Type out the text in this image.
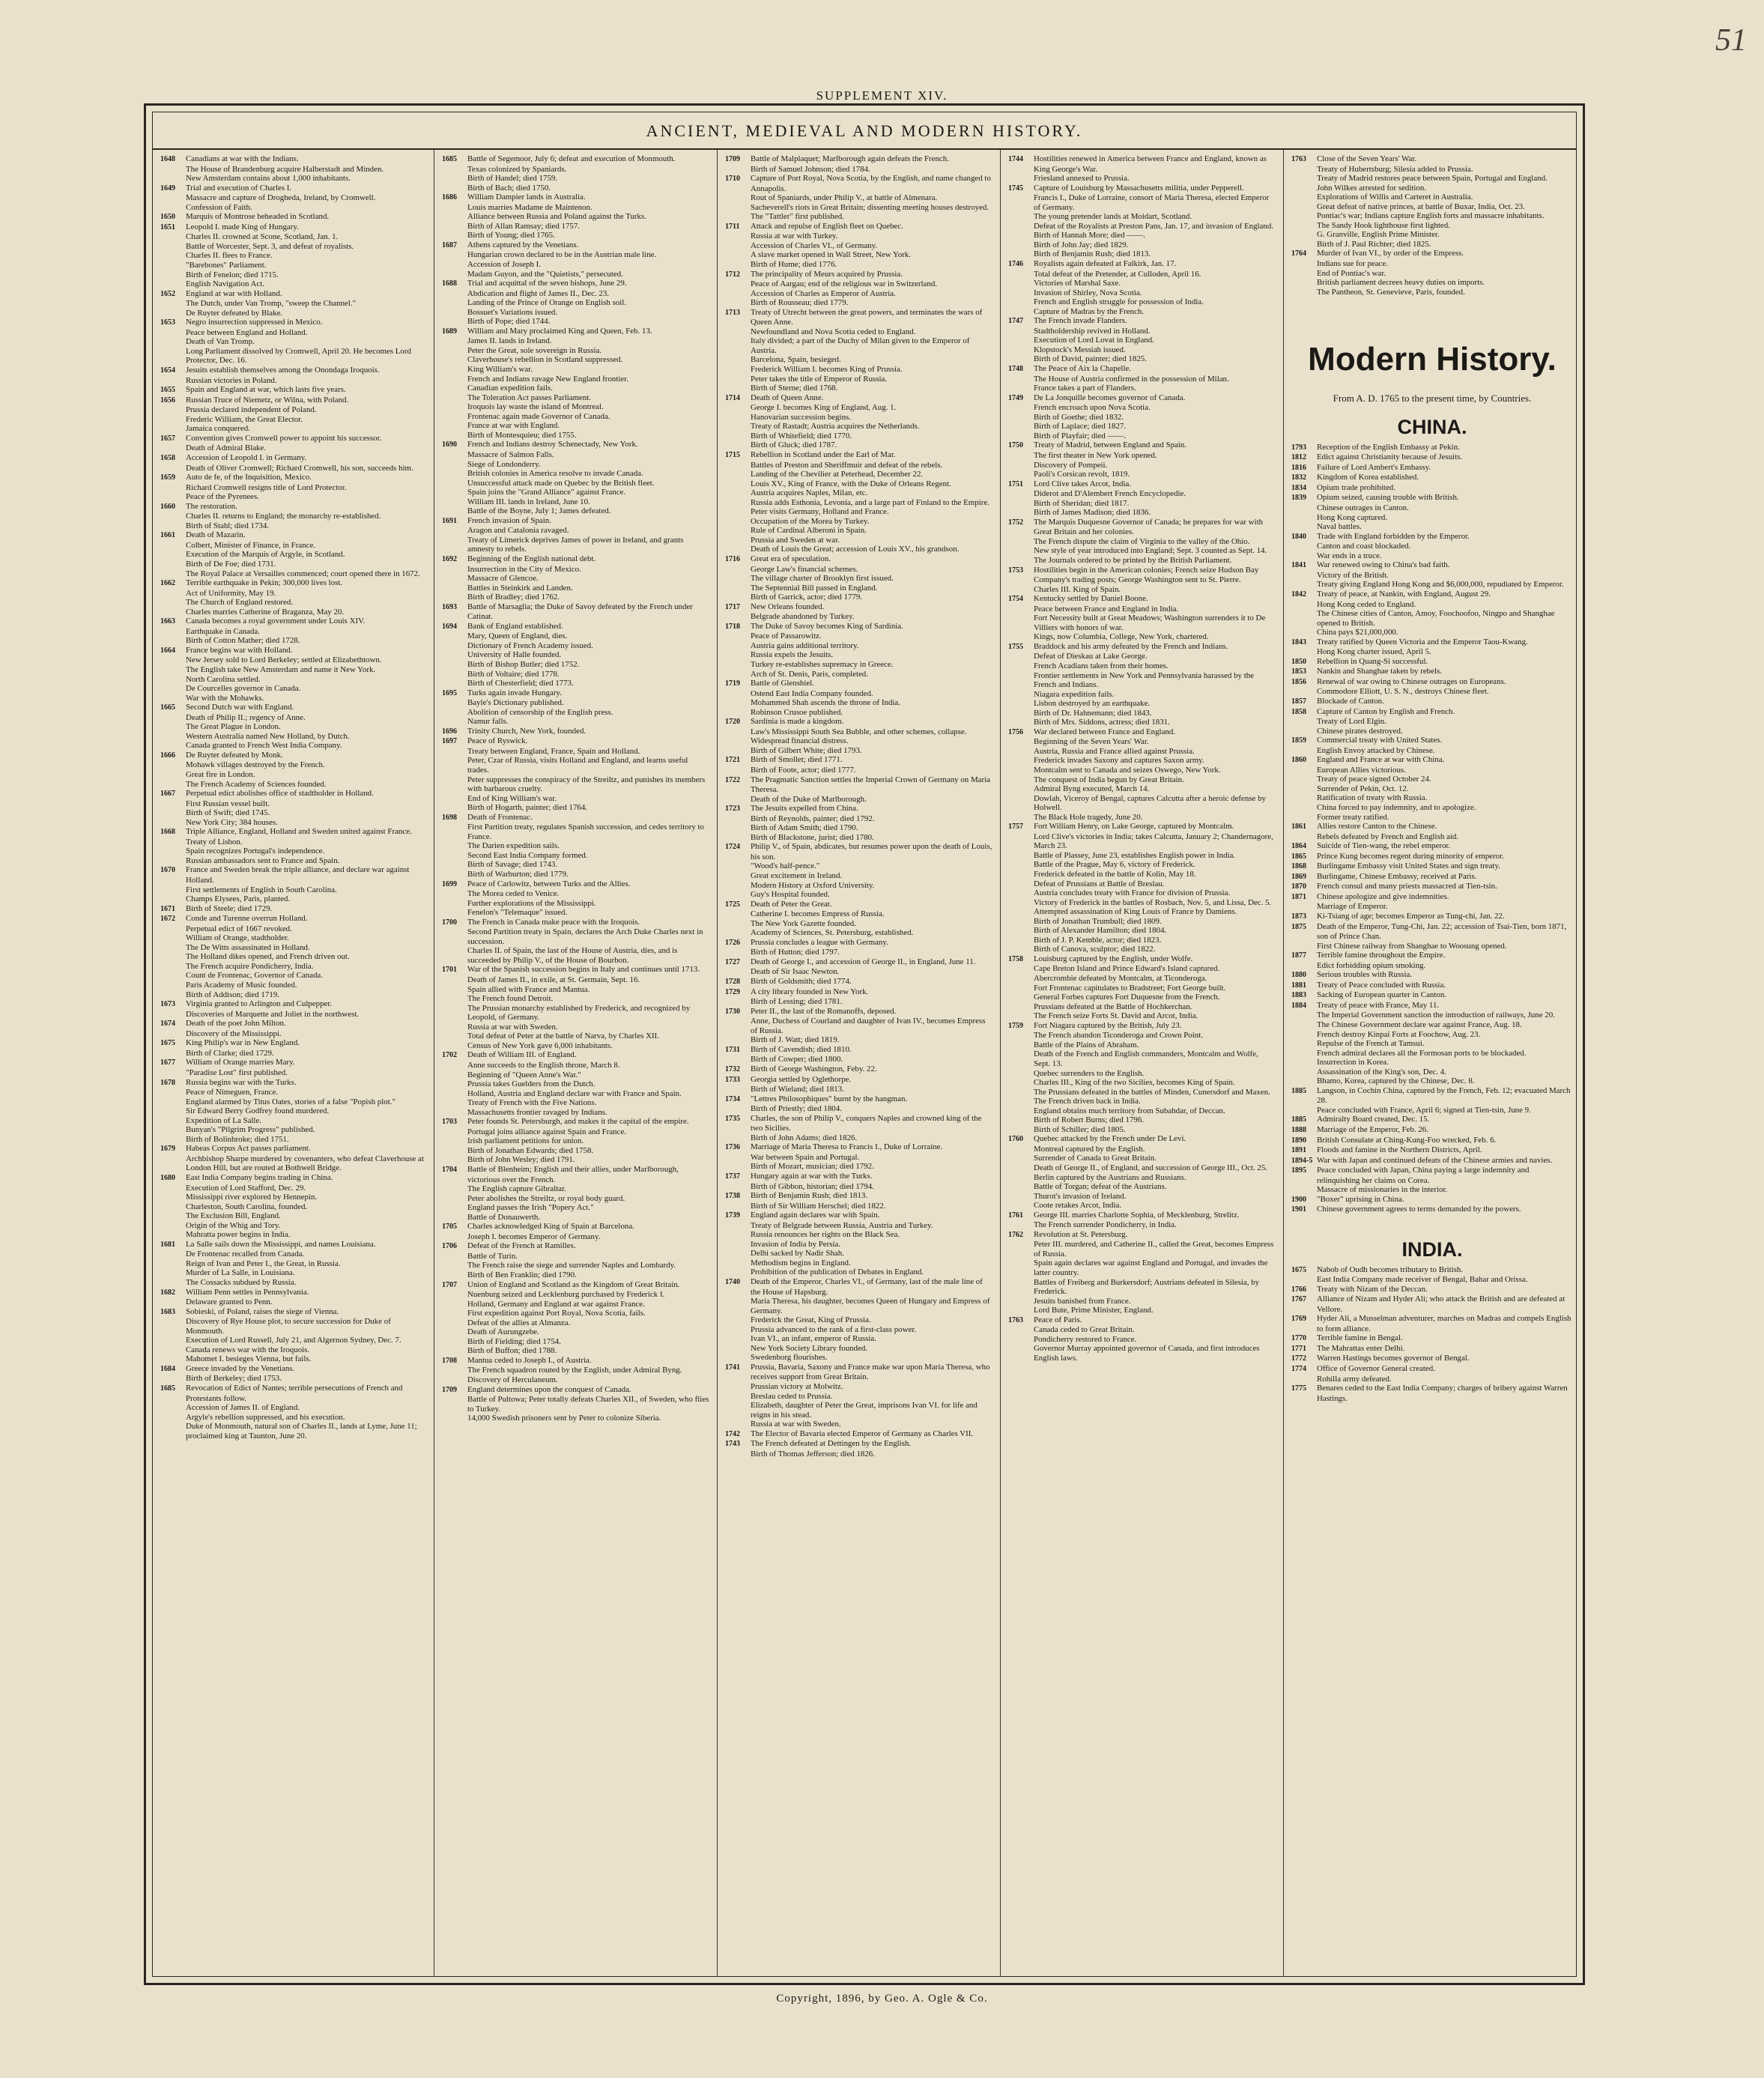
51
SUPPLEMENT XIV.
ANCIENT, MEDIEVAL AND MODERN HISTORY.

1648 Canadians at war with the Indians.

The House of Brandenburg acquire Halberstadt and Minden.

New Amsterdam contains about 1,000 inhabitants.

1649 Trial and execution of Charles I.

Massacre and capture of Drogheda, Ireland, by Cromwell.

Confession of Faith.

1650 Marquis of Montrose beheaded in Scotland.

1651 Leopold I. made King of Hungary.

Charles II. crowned at Scone, Scotland, Jan. 1.

Battle of Worcester, Sept. 3, and defeat of royalists.

Charles II. flees to France.

"Barebones" Parliament.

Birth of Fenelon; died 1715.

English Navigation Act.

1652 England at war with Holland.

The Dutch, under Van Tromp, "sweep the Channel."

De Ruyter defeated by Blake.

1653 Negro insurrection suppressed in Mexico.

Peace between England and Holland.

Death of Van Tromp.

Long Parliament dissolved by Cromwell, April 20. He becomes Lord Protector, Dec. 16.

1654 Jesuits establish themselves among the Onondaga Iroquois.

Russian victories in Poland.

1655 Spain and England at war, which lasts five years.

1656 Russian Truce of Niemetz, or Wilna, with Poland.

Prussia declared independent of Poland.

Frederic William, the Great Elector.

Jamaica conquered.

1657 Convention gives Cromwell power to appoint his successor.

Death of Admiral Blake.

1658 Accession of Leopold I. in Germany.

Death of Oliver Cromwell; Richard Cromwell, his son, succeeds him.

1659 Auto de fe, of the Inquisition, Mexico.

Richard Cromwell resigns title of Lord Protector.

Peace of the Pyrenees.

1660 The restoration.

Charles II. returns to England; the monarchy re-established.

Birth of Stahl; died 1734.

1661 Death of Mazarin.

Colbert, Minister of Finance, in France.

Execution of the Marquis of Argyle, in Scotland.

Birth of De Foe; died 1731.

The Royal Palace at Versailles commenced; court opened there in 1672.

1662 Terrible earthquake in Pekin; 300,000 lives lost.

Act of Uniformity, May 19.

The Church of England restored.

Charles marries Catherine of Braganza, May 20.

1663 Canada becomes a royal government under Louis XIV.

Earthquake in Canada.

Birth of Cotton Mather; died 1728.

1664 France begins war with Holland.

New Jersey sold to Lord Berkeley; settled at Elizabethtown.

The English take New Amsterdam and name it New York.

North Carolina settled.

De Courcelles governor in Canada.

War with the Mohawks.

1665 Second Dutch war with England.

Death of Philip II.; regency of Anne.

The Great Plague in London.

Western Australia named New Holland, by Dutch.

Canada granted to French West India Company.

1666 De Ruyter defeated by Monk.

Mohawk villages destroyed by the French.

Great fire in London.

The French Academy of Sciences founded.

1667 Perpetual edict abolishes office of stadtholder in Holland.

First Russian vessel built.

Birth of Swift; died 1745.

New York City; 384 houses.

1668 Triple Alliance, England, Holland and Sweden united against France.

Treaty of Lisbon.

Spain recognizes Portugal's independence.

Russian ambassadors sent to France and Spain.

1670 France and Sweden break the triple alliance, and declare war against Holland.

First settlements of English in South Carolina.

Champs Elysees, Paris, planted.

1671 Birth of Steele; died 1729.

1672 Conde and Turenne overrun Holland.

Perpetual edict of 1667 revoked.

William of Orange, stadtholder.

The De Witts assassinated in Holland.

The Holland dikes opened, and French driven out.

The French acquire Pondicherry, India.

Count de Frontenac, Governor of Canada.

Paris Academy of Music founded.

Birth of Addison; died 1719.

1673 Virginia granted to Arlington and Culpepper.

Discoveries of Marquette and Joliet in the northwest.

1674 Death of the poet John Milton.

Discovery of the Mississippi.

1675 King Philip's war in New England.

Birth of Clarke; died 1729.

1677 William of Orange marries Mary.

"Paradise Lost" first published.

1678 Russia begins war with the Turks.

Peace of Nimeguen, France.

England alarmed by Titus Oates, stories of a false "Popish plot."

Sir Edward Berry Godfrey found murdered.

Expedition of La Salle.

Bunyan's "Pilgrim Progress" published.

Birth of Bolinbroke; died 1751.

1679 Habeas Corpus Act passes parliament.

Archbishop Sharpe murdered by covenanters, who defeat Claverhouse at London Hill, but are routed at Bothwell Bridge.

1680 East India Company begins trading in China.

Execution of Lord Stafford, Dec. 29.

Mississippi river explored by Hennepin.

Charleston, South Carolina, founded.

The Exclusion Bill, England.

Origin of the Whig and Tory.

Mahratta power begins in India.

1681 La Salle sails down the Mississippi, and names Louisiana.

De Frontenac recalled from Canada.

Reign of Ivan and Peter I., the Great, in Russia.

Murder of La Salle, in Louisiana.

The Cossacks subdued by Russia.

1682 William Penn settles in Pennsylvania.

Delaware granted to Penn.

1683 Sobieski, of Poland, raises the siege of Vienna.

Discovery of Rye House plot, to secure succession for Duke of Monmouth.

Execution of Lord Russell, July 21, and Algernon Sydney, Dec. 7.

Canada renews war with the Iroquois.

Mahomet I. besieges Vienna, but fails.

1684 Greece invaded by the Venetians.

Birth of Berkeley; died 1753.

1685 Revocation of Edict of Nantes; terrible persecutions of French and Protestants follow.

Accession of James II. of England.

Argyle's rebellion suppressed, and his execution.

Duke of Monmouth, natural son of Charles II., lands at Lyme, June 11; proclaimed king at Taunton, June 20.

1685 Battle of Segemoor, July 6; defeat and execution of Monmouth.

Texas colonized by Spaniards.

Birth of Handel; died 1759.

Birth of Bach; died 1750.

1686 William Dampier lands in Australia.

Louis marries Madame de Maintenon.

Alliance between Russia and Poland against the Turks.

Birth of Allan Ramsay; died 1757.

Birth of Young; died 1765.

1687 Athens captured by the Venetians.

Hungarian crown declared to be in the Austrian male line.

Accession of Joseph I.

Madam Guyon, and the "Quietists," persecuted.

1688 Trial and acquittal of the seven bishops, June 29.

Abdication and flight of James II., Dec. 23.

Landing of the Prince of Orange on English soil.

Bossuet's Variations issued.

Birth of Pope; died 1744.

1689 William and Mary proclaimed King and Queen, Feb. 13.

James II. lands in Ireland.

Peter the Great, sole sovereign in Russia.

Claverhouse's rebellion in Scotland suppressed.

King William's war.

French and Indians ravage New England frontier.

Canadian expedition fails.

The Toleration Act passes Parliament.

Iroquois lay waste the island of Montreal.

Frontenac again made Governor of Canada.

France at war with England.

Birth of Montesquieu; died 1755.

1690 French and Indians destroy Schenectady, New York.

Massacre of Salmon Falls.

Siege of Londonderry.

British colonies in America resolve to invade Canada.

Unsuccessful attack made on Quebec by the British fleet.

Spain joins the "Grand Alliance" against France.

William III. lands in Ireland, June 10.

Battle of the Boyne, July 1; James defeated.

1691 French invasion of Spain.

Aragon and Catalonia ravaged.

Treaty of Limerick deprives James of power in Ireland, and grants amnesty to rebels.

1692 Beginning of the English national debt.

Insurrection in the City of Mexico.

Massacre of Glencoe.

Battles in Steinkirk and Landen.

Birth of Bradley; died 1762.

1693 Battle of Marsaglia; the Duke of Savoy defeated by the French under Catinat.

1694 Bank of England established.

Mary, Queen of England, dies.

Dictionary of French Academy issued.

University of Halle founded.

Birth of Bishop Butler; died 1752.

Birth of Voltaire; died 1778.

Birth of Chesterfield; died 1773.

1695 Turks again invade Hungary.

Bayle's Dictionary published.

Abolition of censorship of the English press.

Namur falls.

1696 Trinity Church, New York, founded.

1697 Peace of Ryswick.

Treaty between England, France, Spain and Holland.

Peter, Czar of Russia, visits Holland and England, and learns useful trades.

Peter suppresses the conspiracy of the Streiltz, and punishes its members with barbarous cruelty.

End of King William's war.

Birth of Hogarth, painter; died 1764.

1698 Death of Frontenac.

First Partition treaty, regulates Spanish succession, and cedes territory to France.

The Darien expedition sails.

Second East India Company formed.

Birth of Savage; died 1743.

Birth of Warburton; died 1779.

1699 Peace of Carlowitz, between Turks and the Allies.

The Morea ceded to Venice.

Further explorations of the Mississippi.

Fenelon's "Telemaque" issued.

1700 The French in Canada make peace with the Iroquois.

Second Partition treaty in Spain, declares the Arch Duke Charles next in succession.

Charles II. of Spain, the last of the House of Austria, dies, and is succeeded by Philip V., of the House of Bourbon.

1701 War of the Spanish succession begins in Italy and continues until 1713.

Death of James II., in exile, at St. Germain, Sept. 16.

Spain allied with France and Mantua.

The French found Detroit.

The Prussian monarchy established by Frederick, and recognized by Leopold, of Germany.

Russia at war with Sweden.

Total defeat of Peter at the battle of Narva, by Charles XII.

Census of New York gave 6,000 inhabitants.

1702 Death of William III. of England.

Anne succeeds to the English throne, March 8.

Beginning of "Queen Anne's War."

Prussia takes Guelders from the Dutch.

Holland, Austria and England declare war with France and Spain.

Treaty of French with the Five Nations.

Massachusetts frontier ravaged by Indians.

1703 Peter founds St. Petersburgh, and makes it the capital of the empire.

Portugal joins alliance against Spain and France.

Irish parliament petitions for union.

Birth of Jonathan Edwards; died 1758.

Birth of John Wesley; died 1791.

1704 Battle of Blenheim; English and their allies, under Marlborough, victorious over the French.

The English capture Gibraltar.

Peter abolishes the Streiltz, or royal body guard.

England passes the Irish "Popery Act."

Battle of Donauwerth.

1705 Charles acknowledged King of Spain at Barcelona.

Joseph I. becomes Emperor of Germany.

1706 Defeat of the French at Ramilles.

Battle of Turin.

The French raise the siege and surrender Naples and Lombardy.

Birth of Ben Franklin; died 1790.

1707 Union of England and Scotland as the Kingdom of Great Britain.

Nuenburg seized and Lecklenburg purchased by Frederick I.

Holland, Germany and England at war against France.

First expedition against Port Royal, Nova Scotia, fails.

Defeat of the allies at Almanza.

Death of Aurungzebe.

Birth of Fielding; died 1754.

Birth of Buffon; died 1788.

1708 Mantua ceded to Joseph I., of Austria.

The French squadron routed by the English, under Admiral Byng.

Discovery of Herculaneum.

1709 England determines upon the conquest of Canada.

Battle of Pultowa; Peter totally defeats Charles XII., of Sweden, who flies to Turkey.

14,000 Swedish prisoners sent by Peter to colonize Siberia.

1709 Battle of Malplaquet; Marlborough again defeats the French.

Birth of Samuel Johnson; died 1784.

1710 Capture of Port Royal, Nova Scotia, by the English, and name changed to Annapolis.

Rout of Spaniards, under Philip V., at battle of Almenara.

Sacheverell's riots in Great Britain; dissenting meeting houses destroyed.

The "Tattler" first published.

1711 Attack and repulse of English fleet on Quebec.

Russia at war with Turkey.

Accession of Charles VI., of Germany.

A slave market opened in Wall Street, New York.

Birth of Hume; died 1776.

1712 The principality of Meurs acquired by Prussia.

Peace of Aargau; end of the religious war in Switzerland.

Accession of Charles as Emperor of Austria.

Birth of Rousseau; died 1779.

1713 Treaty of Utrecht between the great powers, and terminates the wars of Queen Anne.

Newfoundland and Nova Scotia ceded to England.

Italy divided; a part of the Duchy of Milan given to the Emperor of Austria.

Barcelona, Spain, besieged.

Frederick William I. becomes King of Prussia.

Peter takes the title of Emperor of Russia.

Birth of Sterne; died 1768.

1714 Death of Queen Anne.

George I. becomes King of England, Aug. 1.

Hanovarian succession begins.

Treaty of Rastadt; Austria acquires the Netherlands.

Birth of Whitefield; died 1770.

Birth of Gluck; died 1787.

1715 Rebellion in Scotland under the Earl of Mar.

Battles of Preston and Sheriffmuir and defeat of the rebels.

Landing of the Chevilier at Peterhead, December 22.

Louis XV., King of France, with the Duke of Orleans Regent.

Austria acquires Naples, Milan, etc.

Russia adds Esthonia, Levonia, and a large part of Finland to the Empire.

Peter visits Germany, Holland and France.

Occupation of the Morea by Turkey.

Rule of Cardinal Alberoni in Spain.

Prussia and Sweden at war.

Death of Louis the Great; accession of Louis XV., his grandson.

1716 Great era of speculation.

George Law's financial schemes.

The village charter of Brooklyn first issued.

The Septennial Bill passed in England.

Birth of Garrick, actor; died 1779.

1717 New Orleans founded.

Belgrade abandoned by Turkey.

1718 The Duke of Savoy becomes King of Sardinia.

Peace of Passarowitz.

Austria gains additional territory.

Russia expels the Jesuits.

Turkey re-establishes supremacy in Greece.

Arch of St. Denis, Paris, completed.

1719 Battle of Glenshiel.

Ostend East India Company founded.

Mohammed Shah ascends the throne of India.

Robinson Crusoe published.

1720 Sardinia is made a kingdom.

Law's Mississippi South Sea Bubble, and other schemes, collapse.

Widespread financial distress.

Birth of Gilbert White; died 1793.

1721 Birth of Smollet; died 1771.

Birth of Foote, actor; died 1777.

1722 The Pragmatic Sanction settles the Imperial Crown of Germany on Maria Theresa.

Death of the Duke of Marlborough.

1723 The Jesuits expelled from China.

Birth of Reynolds, painter; died 1792.

Birth of Adam Smith; died 1790.

Birth of Blackstone, jurist; died 1780.

1724 Philip V., of Spain, abdicates, but resumes power upon the death of Louis, his son.

"Wood's half-pence."

Great excitement in Ireland.

Modern History at Oxford University.

Guy's Hospital founded.

1725 Death of Peter the Great.

Catherine I. becomes Empress of Russia.

The New York Gazette founded.

Academy of Sciences, St. Petersburg, established.

1726 Prussia concludes a league with Germany.

Birth of Hutton; died 1797.

1727 Death of George I., and accession of George II., in England, June 11.

Death of Sir Isaac Newton.

1728 Birth of Goldsmith; died 1774.

1729 A city library founded in New York.

Birth of Lessing; died 1781.

1730 Peter II., the last of the Romanoffs, deposed.

Anne, Duchess of Courland and daughter of Ivan IV., becomes Empress of Russia.

Birth of J. Watt; died 1819.

1731 Birth of Cavendish; died 1810.

Birth of Cowper; died 1800.

1732 Birth of George Washington, Feby. 22.

1733 Georgia settled by Oglethorpe.

Birth of Wieland; died 1813.

1734 "Lettres Philosophiques" burnt by the hangman.

Birth of Priestly; died 1804.

1735 Charles, the son of Philip V., conquers Naples and crowned king of the two Sicilies.

Birth of John Adams; died 1826.

1736 Marriage of Maria Theresa to Francis I., Duke of Lorraine.

War between Spain and Portugal.

Birth of Mozart, musician; died 1792.

1737 Hungary again at war with the Turks.

Birth of Gibbon, historian; died 1794.

1738 Birth of Benjamin Rush; died 1813.

Birth of Sir William Herschel; died 1822.

1739 England again declares war with Spain.

Treaty of Belgrade between Russia, Austria and Turkey.

Russia renounces her rights on the Black Sea.

Invasion of India by Persia.

Delhi sacked by Nadir Shah.

Methodism begins in England.

Prohibition of the publication of Debates in England.

1740 Death of the Emperor, Charles VI., of Germany, last of the male line of the House of Hapsburg.

Maria Theresa, his daughter, becomes Queen of Hungary and Empress of Germany.

Frederick the Great, King of Prussia.

Prussia advanced to the rank of a first-class power.

Ivan VI., an infant, emperor of Russia.

New York Society Library founded.

Swedenborg flourishes.

1741 Prussia, Bavaria, Saxony and France make war upon Maria Theresa, who receives support from Great Britain.

Prussian victory at Molwitz.

Breslau ceded to Prussia.

Elizabeth, daughter of Peter the Great, imprisons Ivan VI. for life and reigns in his stead.

Russia at war with Sweden.

1742 The Elector of Bavaria elected Emperor of Germany as Charles VII.

1743 The French defeated at Dettingen by the English.

Birth of Thomas Jefferson; died 1826.

1744 Hostilities renewed in America between France and England, known as King George's War.

Friesland annexed to Prussia.

1745 Capture of Louisburg by Massachusetts militia, under Pepperell.

Francis I., Duke of Lorraine, consort of Maria Theresa, elected Emperor of Germany.

The young pretender lands at Moidart, Scotland.

Defeat of the Royalists at Preston Pans, Jan. 17, and invasion of England.

Birth of Hannah More; died ——.

Birth of John Jay; died 1829.

Birth of Benjamin Rush; died 1813.

1746 Royalists again defeated at Falkirk, Jan. 17.

Total defeat of the Pretender, at Culloden, April 16.

Victories of Marshal Saxe.

Invasion of Shirley, Nova Scotia.

French and English struggle for possession of India.

Capture of Madras by the French.

1747 The French invade Flanders.

Stadtholdership revived in Holland.

Execution of Lord Lovat in England.

Klopstock's Messiah issued.

Birth of David, painter; died 1825.

1748 The Peace of Aix la Chapelle.

The House of Austria confirmed in the possession of Milan.

France takes a part of Flanders.

1749 De La Jonquille becomes governor of Canada.

French encroach upon Nova Scotia.

Birth of Goethe; died 1832.

Birth of Laplace; died 1827.

Birth of Playfair; died ——.

1750 Treaty of Madrid, between England and Spain.

The first theater in New York opened.

Discovery of Pompeii.

Paoli's Corsican revolt, 1819.

1751 Lord Clive takes Arcot, India.

Diderot and D'Alembert French Encyclopedie.

Birth of Sheridan; died 1817.

Birth of James Madison; died 1836.

1752 The Marquis Duquesne Governor of Canada; he prepares for war with Great Britain and her colonies.

The French dispute the claim of Virginia to the valley of the Ohio.

New style of year introduced into England; Sept. 3 counted as Sept. 14.

The Journals ordered to be printed by the British Parliament.

1753 Hostilities begin in the American colonies; French seize Hudson Bay Company's trading posts; George Washington sent to St. Pierre.

Charles III. King of Spain.

1754 Kentucky settled by Daniel Boone.

Peace between France and England in India.

Fort Necessity built at Great Meadows; Washington surrenders it to De Villiers with honors of war.

Kings, now Columbia, College, New York, chartered.

1755 Braddock and his army defeated by the French and Indians.

Defeat of Dieskau at Lake George.

French Acadians taken from their homes.

Frontier settlements in New York and Pennsylvania harassed by the French and Indians.

Niagara expedition fails.

Lisbon destroyed by an earthquake.

Birth of Dr. Hahnemann; died 1843.

Birth of Mrs. Siddons, actress; died 1831.

1756 War declared between France and England.

Beginning of the Seven Years' War.

Austria, Russia and France allied against Prussia.

Frederick invades Saxony and captures Saxon army.

Montcalm sent to Canada and seizes Oswego, New York.

The conquest of India begun by Great Britain.

Admiral Byng executed, March 14.

Dowlah, Viceroy of Bengal, captures Calcutta after a heroic defense by Holwell.

The Black Hole tragedy, June 20.

1757 Fort William Henry, on Lake George, captured by Montcalm.

Lord Clive's victories in India; takes Calcutta, January 2; Chandernagore, March 23.

Battle of Plassey, June 23, establishes English power in India.

Battle of the Prague, May 6, victory of Frederick.

Frederick defeated in the battle of Kolin, May 18.

Defeat of Prussians at Battle of Breslau.

Austria concludes treaty with France for division of Prussia.

Victory of Frederick in the battles of Rosbach, Nov. 5, and Lissa, Dec. 5.

Attempted assassination of King Louis of France by Damiens.

Birth of Jonathan Trumbull; died 1809.

Birth of Alexander Hamilton; died 1804.

Birth of J. P. Kemble, actor; died 1823.

Birth of Canova, sculptor; died 1822.

1758 Louisburg captured by the English, under Wolfe.

Cape Breton Island and Prince Edward's Island captured.

Abercrombie defeated by Montcalm, at Ticonderoga.

Fort Frontenac capitulates to Bradstreet; Fort George built.

General Forbes captures Fort Duquesne from the French.

Prussians defeated at the Battle of Hochkerchan.

The French seize Forts St. David and Arcot, India.

1759 Fort Niagara captured by the British, July 23.

The French abandon Ticonderoga and Crown Point.

Battle of the Plains of Abraham.

Death of the French and English commanders, Montcalm and Wolfe, Sept. 13.

Quebec surrenders to the English.

Charles III., King of the two Sicilies, becomes King of Spain.

The Prussians defeated in the battles of Minden, Cunersdorf and Maxen.

The French driven back in India.

England obtains much territory from Subahdar, of Deccan.

Birth of Robert Burns; died 1796.

Birth of Schiller; died 1805.

1760 Quebec attacked by the French under De Levi.

Montreal captured by the English.

Surrender of Canada to Great Britain.

Death of George II., of England, and succession of George III., Oct. 25.

Berlin captured by the Austrians and Russians.

Battle of Torgan; defeat of the Austrians.

Thurot's invasion of Ireland.

Coote retakes Arcot, India.

1761 George III. marries Charlotte Sophia, of Mecklenburg, Strelitz.

The French surrender Pondicherry, in India.

1762 Revolution at St. Petersburg.

Peter III. murdered, and Catherine II., called the Great, becomes Empress of Russia.

Spain again declares war against England and Portugal, and invades the latter country.

Battles of Freiberg and Burkersdorf; Austrians defeated in Silesia, by Frederick.

Jesuits banished from France.

Lord Bute, Prime Minister, England.

1763 Peace of Paris.

Canada ceded to Great Britain.

Pondicherry restored to France.

Governor Murray appointed governor of Canada, and first introduces English laws.

1763 Close of the Seven Years' War.

Treaty of Hubertsburg; Silesia added to Prussia.

Treaty of Madrid restores peace between Spain, Portugal and England.

John Wilkes arrested for sedition.

Explorations of Willis and Carteret in Australia.

Great defeat of native princes, at battle of Buxar, India, Oct. 23.

Pontiac's war; Indians capture English forts and massacre inhabitants.

The Sandy Hook lighthouse first lighted.

G. Granville, English Prime Minister.

Birth of J. Paul Richter; died 1825.

1764 Murder of Ivan VI., by order of the Empress.

Indians sue for peace.

End of Pontiac's war.

British parliament decrees heavy duties on imports.

The Pantheon, St. Genevieve, Paris, founded.

Modern History.
From A. D. 1765 to the present time, by Countries.
CHINA.

1793 Reception of the English Embassy at Pekin.

1812 Edict against Christianity because of Jesuits.

1816 Failure of Lord Ambert's Embassy.

1832 Kingdom of Korea established.

1834 Opium trade prohibited.

1839 Opium seized, causing trouble with British.

Chinese outrages in Canton.

Hong Kong captured.

Naval battles.

1840 Trade with England forbidden by the Emperor.

Canton and coast blockaded.

War ends in a truce.

1841 War renewed owing to China's bad faith.

Victory of the British.

Treaty giving England Hong Kong and $6,000,000, repudiated by Emperor.

1842 Treaty of peace, at Nankin, with England, August 29.

Hong Kong ceded to England.

The Chinese cities of Canton, Amoy, Foochoofoo, Ningpo and Shanghae opened to British.

China pays $21,000,000.

1843 Treaty ratified by Queen Victoria and the Emperor Taou-Kwang.

Hong Kong charter issued, April 5.

1850 Rebellion in Quang-Si successful.

1853 Nankin and Shanghae taken by rebels.

1856 Renewal of war owing to Chinese outrages on Europeans.

Commodore Elliott, U. S. N., destroys Chinese fleet.

1857 Blockade of Canton.

1858 Capture of Canton by English and French.

Treaty of Lord Elgin.

Chinese pirates destroyed.

1859 Commercial treaty with United States.

English Envoy attacked by Chinese.

1860 England and France at war with China.

European Allies victorious.

Treaty of peace signed October 24.

Surrender of Pekin, Oct. 12.

Ratification of treaty with Russia.

China forced to pay indemnity, and to apologize.

Former treaty ratified.

1861 Allies restore Canton to the Chinese.

Rebels defeated by French and English aid.

1864 Suicide of Tien-wang, the rebel emperor.

1865 Prince Kung becomes regent during minority of emperor.

1868 Burlingame Embassy visit United States and sign treaty.

1869 Burlingame, Chinese Embassy, received at Paris.

1870 French consul and many priests massacred at Tien-tsin.

1871 Chinese apologize and give indemnities.

Marriage of Emperor.

1873 Ki-Tsiang of age; becomes Emperor as Tung-chi, Jan. 22.

1875 Death of the Emperor, Tung-Chi, Jan. 22; accession of Tsai-Tien, born 1871, son of Prince Chan.

First Chinese railway from Shanghae to Woosung opened.

1877 Terrible famine throughout the Empire.

Edict forbidding opium smoking.

1880 Serious troubles with Russia.

1881 Treaty of Peace concluded with Russia.

1883 Sacking of European quarter in Canton.

1884 Treaty of peace with France, May 11.

The Imperial Government sanction the introduction of railways, June 20.

The Chinese Government declare war against France, Aug. 18.

French destroy Kinpai Forts at Foochow, Aug. 23.

Repulse of the French at Tamsui.

French admiral declares all the Formosan ports to be blockaded.

Insurrection in Korea.

Assassination of the King's son, Dec. 4.

Bhamo, Korea, captured by the Chinese, Dec. 8.

1885 Langson, in Cochin China, captured by the French, Feb. 12; evacuated March 28.

Peace concluded with France, April 6; signed at Tien-tsin, June 9.

1885 Admiralty Board created, Dec. 15.

1888 Marriage of the Emperor, Feb. 26.

1890 British Consulate at Ching-Kung-Foo wrecked, Feb. 6.

1891 Floods and famine in the Northern Districts, April.

1894-5 War with Japan and continued defeats of the Chinese armies and navies.

1895 Peace concluded with Japan, China paying a large indemnity and relinquishing her claims on Corea.

Massacre of missionaries in the interior.

1900 "Boxer" uprising in China.

1901 Chinese government agrees to terms demanded by the powers.

INDIA.

1675 Nabob of Oudh becomes tributary to British.

East India Company made receiver of Bengal, Bahar and Orissa.

1766 Treaty with Nizam of the Deccan.

1767 Alliance of Nizam and Hyder Ali; who attack the British and are defeated at Vellore.

1769 Hyder Ali, a Musselman adventurer, marches on Madras and compels English to form alliance.

1770 Terrible famine in Bengal.

1771 The Mahrattas enter Delhi.

1772 Warren Hastings becomes governor of Bengal.

1774 Office of Governor General created.

Rohilla army defeated.

1775 Benares ceded to the East India Company; charges of bribery against Warren Hastings.

Copyright, 1896, by Geo. A. Ogle & Co.
